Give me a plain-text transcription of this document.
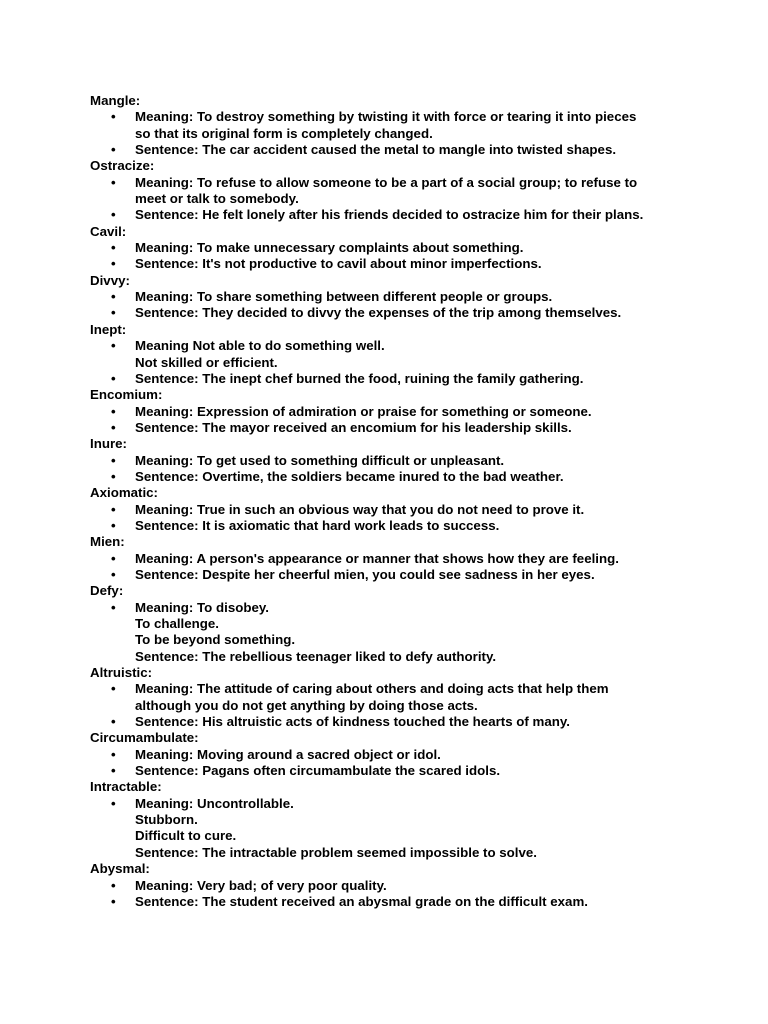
Mangle:
• Meaning: To destroy something by twisting it with force or tearing it into pieces
so that its original form is completely changed.
• Sentence: The car accident caused the metal to mangle into twisted shapes.
Ostracize:
• Meaning: To refuse to allow someone to be a part of a social group; to refuse to
meet or talk to somebody.
• Sentence: He felt lonely after his friends decided to ostracize him for their plans.
Cavil:
• Meaning: To make unnecessary complaints about something.
• Sentence: It's not productive to cavil about minor imperfections.
Divvy:
• Meaning: To share something between different people or groups.
• Sentence: They decided to divvy the expenses of the trip among themselves.
Inept:
• Meaning Not able to do something well.
Not skilled or efficient.
• Sentence: The inept chef burned the food, ruining the family gathering.
Encomium:
• Meaning: Expression of admiration or praise for something or someone.
• Sentence: The mayor received an encomium for his leadership skills.
Inure:
• Meaning: To get used to something difficult or unpleasant.
• Sentence: Overtime, the soldiers became inured to the bad weather.
Axiomatic:
• Meaning: True in such an obvious way that you do not need to prove it.
• Sentence: It is axiomatic that hard work leads to success.
Mien:
• Meaning: A person's appearance or manner that shows how they are feeling.
• Sentence: Despite her cheerful mien, you could see sadness in her eyes.
Defy:
• Meaning: To disobey.
To challenge.
To be beyond something.
Sentence: The rebellious teenager liked to defy authority.
Altruistic:
• Meaning: The attitude of caring about others and doing acts that help them
although you do not get anything by doing those acts.
• Sentence: His altruistic acts of kindness touched the hearts of many.
Circumambulate:
• Meaning: Moving around a sacred object or idol.
• Sentence: Pagans often circumambulate the scared idols.
Intractable:
• Meaning: Uncontrollable.
Stubborn.
Difficult to cure.
Sentence: The intractable problem seemed impossible to solve.
Abysmal:
• Meaning: Very bad; of very poor quality.
• Sentence: The student received an abysmal grade on the difficult exam.
